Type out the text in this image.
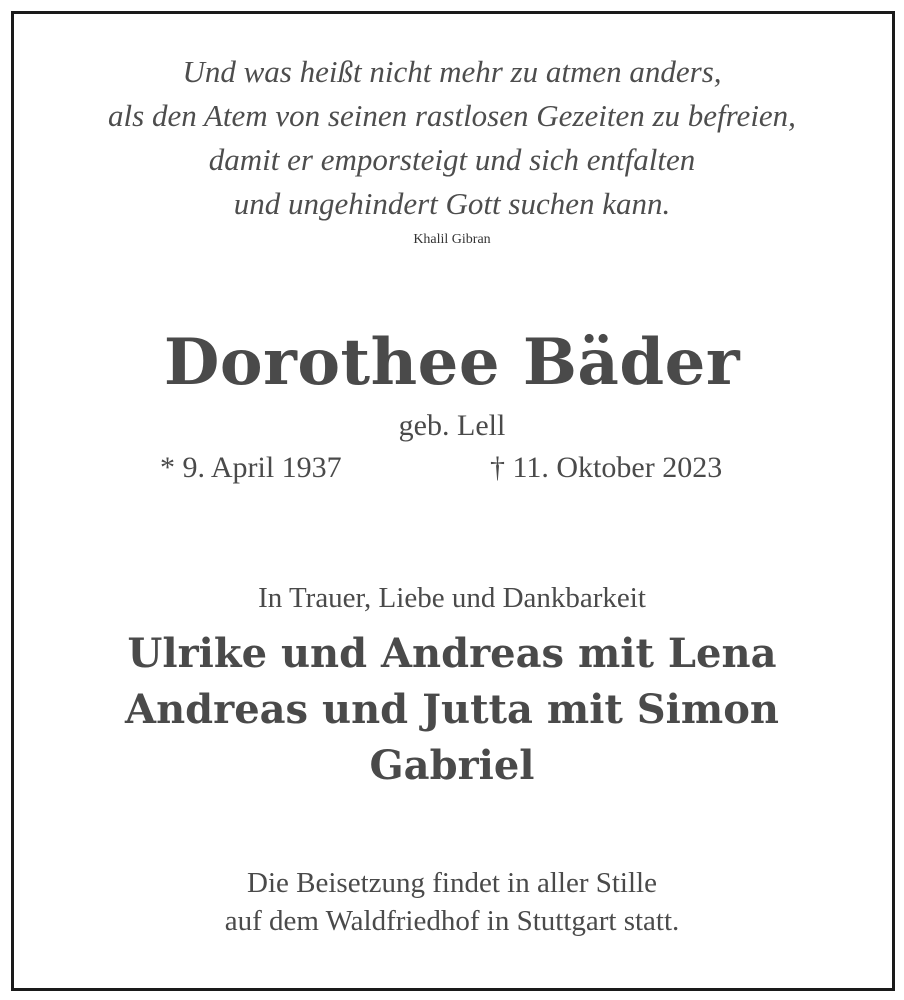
Und was heißt nicht mehr zu atmen anders,
als den Atem von seinen rastlosen Gezeiten zu befreien,
damit er emporsteigt und sich entfalten
und ungehindert Gott suchen kann.
Khalil Gibran
Dorothee Bäder
geb. Lell
* 9. April 1937	† 11. Oktober 2023
In Trauer, Liebe und Dankbarkeit
Ulrike und Andreas mit Lena
Andreas und Jutta mit Simon
Gabriel
Die Beisetzung findet in aller Stille
auf dem Waldfriedhof in Stuttgart statt.
